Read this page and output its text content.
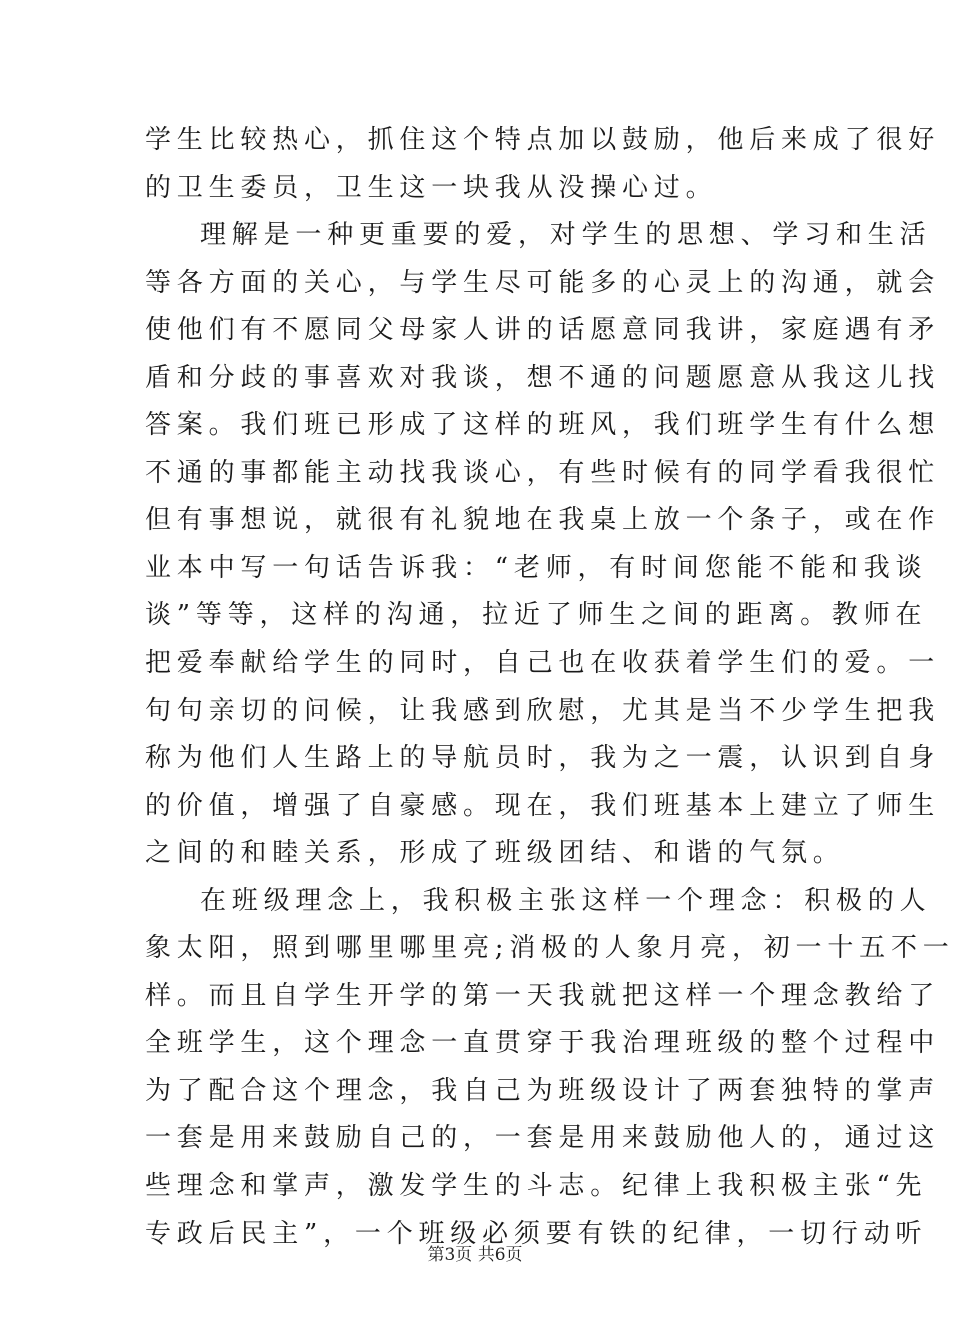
学生比较热心，抓住这个特点加以鼓励，他后来成了很好
的卫生委员，卫生这一块我从没操心过。
理解是一种更重要的爱，对学生的思想、学习和生活
等各方面的关心，与学生尽可能多的心灵上的沟通，就会
使他们有不愿同父母家人讲的话愿意同我讲，家庭遇有矛
盾和分歧的事喜欢对我谈，想不通的问题愿意从我这儿找
答案。我们班已形成了这样的班风，我们班学生有什么想
不通的事都能主动找我谈心，有些时候有的同学看我很忙
但有事想说，就很有礼貌地在我桌上放一个条子，或在作
业本中写一句话告诉我：“老师，有时间您能不能和我谈
谈”等等，这样的沟通，拉近了师生之间的距离。教师在
把爱奉献给学生的同时，自己也在收获着学生们的爱。一
句句亲切的问候，让我感到欣慰，尤其是当不少学生把我
称为他们人生路上的导航员时，我为之一震，认识到自身
的价值，增强了自豪感。现在，我们班基本上建立了师生
之间的和睦关系，形成了班级团结、和谐的气氛。
在班级理念上，我积极主张这样一个理念：积极的人
象太阳，照到哪里哪里亮;消极的人象月亮，初一十五不一
样。而且自学生开学的第一天我就把这样一个理念教给了
全班学生，这个理念一直贯穿于我治理班级的整个过程中
为了配合这个理念，我自己为班级设计了两套独特的掌声
一套是用来鼓励自己的，一套是用来鼓励他人的，通过这
些理念和掌声，激发学生的斗志。纪律上我积极主张“先
专政后民主”，一个班级必须要有铁的纪律，一切行动听
第3页 共6页
